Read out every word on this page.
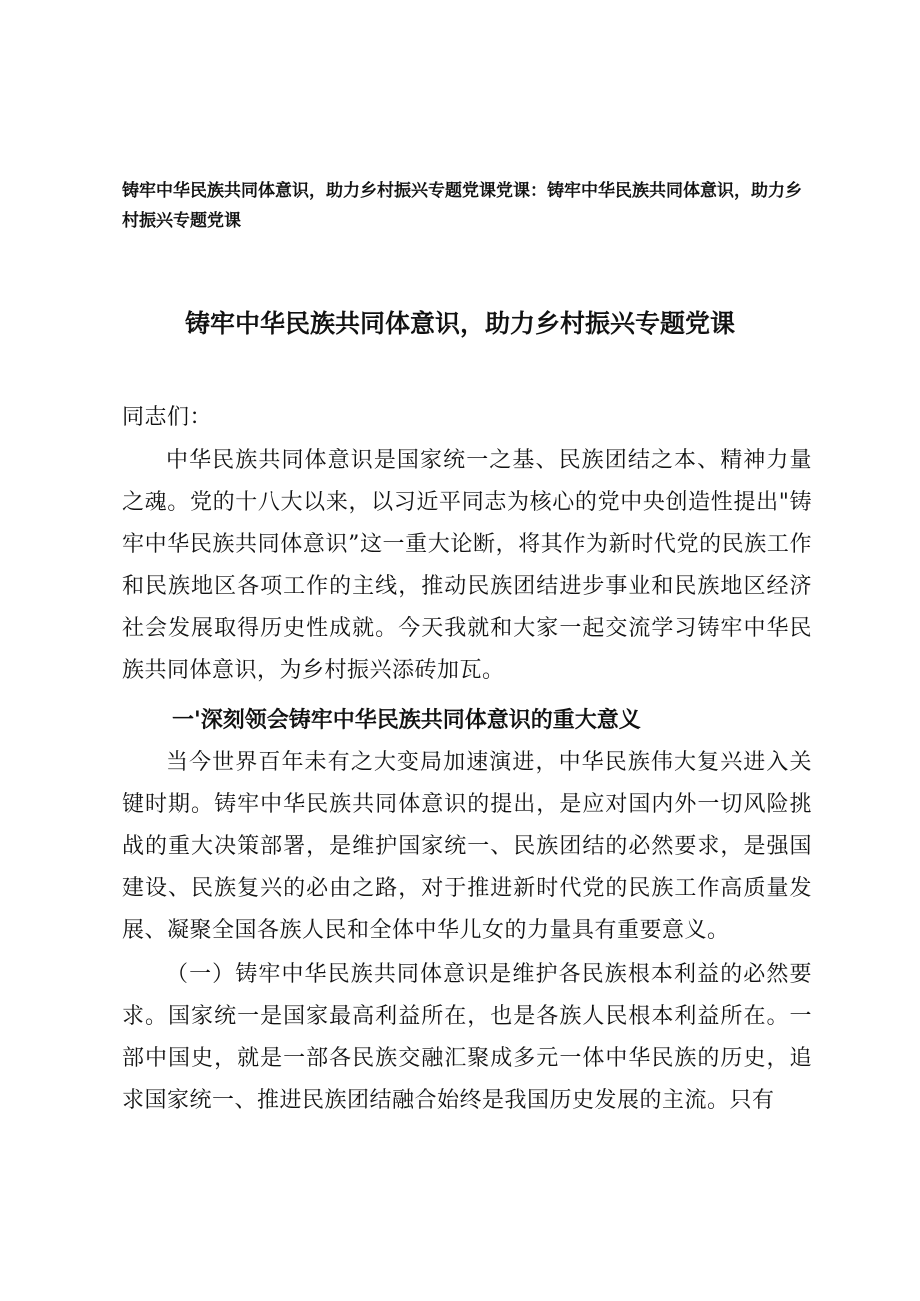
铸牢中华民族共同体意识，助力乡村振兴专题党课党课：铸牢中华民族共同体意识，助力乡村振兴专题党课
铸牢中华民族共同体意识，助力乡村振兴专题党课
同志们：
中华民族共同体意识是国家统一之基、民族团结之本、精神力量之魂。党的十八大以来，以习近平同志为核心的党中央创造性提出"铸牢中华民族共同体意识”这一重大论断，将其作为新时代党的民族工作和民族地区各项工作的主线，推动民族团结进步事业和民族地区经济社会发展取得历史性成就。今天我就和大家一起交流学习铸牢中华民族共同体意识，为乡村振兴添砖加瓦。
一'深刻领会铸牢中华民族共同体意识的重大意义
当今世界百年未有之大变局加速演进，中华民族伟大复兴进入关键时期。铸牢中华民族共同体意识的提出，是应对国内外一切风险挑战的重大决策部署，是维护国家统一、民族团结的必然要求，是强国建设、民族复兴的必由之路，对于推进新时代党的民族工作高质量发展、凝聚全国各族人民和全体中华儿女的力量具有重要意义。
（一）铸牢中华民族共同体意识是维护各民族根本利益的必然要求。国家统一是国家最高利益所在，也是各族人民根本利益所在。一部中国史，就是一部各民族交融汇聚成多元一体中华民族的历史，追求国家统一、推进民族团结融合始终是我国历史发展的主流。只有
